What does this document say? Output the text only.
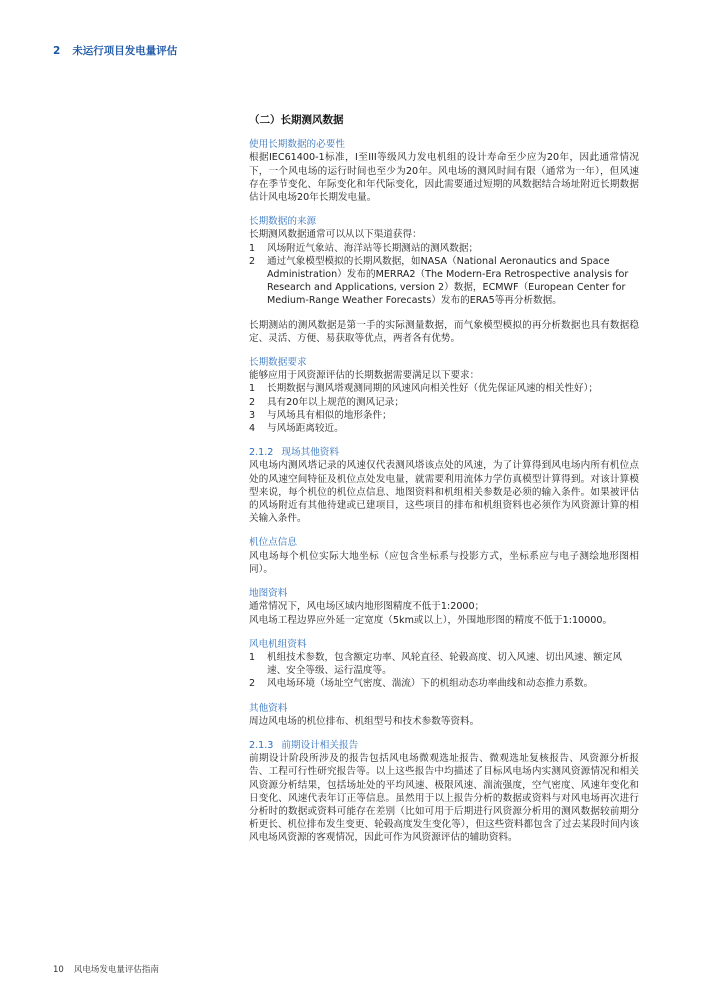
2 未运行项目发电量评估
（二）长期测风数据
使用长期数据的必要性

根据IEC61400-1标准，I至III等级风力发电机组的设计寿命至少应为20年，因此通常情况下，一个风电场的运行时间也至少为20年。风电场的测风时间有限（通常为一年），但风速存在季节变化、年际变化和年代际变化，因此需要通过短期的风数据结合场址附近长期数据估计风电场20年长期发电量。

长期数据的来源

长期测风数据通常可以从以下渠道获得：

1	风场附近气象站、海洋站等长期测站的测风数据；
2	通过气象模型模拟的长期风数据，如NASA（National Aeronautics and Space Administration）发布的MERRA2（The Modern-Era Retrospective analysis for Research and Applications, version 2）数据，ECMWF（European Center for Medium-Range Weather Forecasts）发布的ERA5等再分析数据。

长期测站的测风数据是第一手的实际测量数据，而气象模型模拟的再分析数据也具有数据稳定、灵活、方便、易获取等优点，两者各有优势。

长期数据要求

能够应用于风资源评估的长期数据需要满足以下要求：

1	长期数据与测风塔观测同期的风速风向相关性好（优先保证风速的相关性好）；
2	具有20年以上规范的测风记录；
3	与风场具有相似的地形条件；
4	与风场距离较近。
2.1.2 现场其他资料

风电场内测风塔记录的风速仅代表测风塔该点处的风速，为了计算得到风电场内所有机位点处的风速空间特征及机位点处发电量，就需要利用流体力学仿真模型计算得到。对该计算模型来说，每个机位的机位点信息、地图资料和机组相关参数是必须的输入条件。如果被评估的风场附近有其他待建或已建项目，这些项目的排布和机组资料也必须作为风资源计算的相关输入条件。

机位点信息

风电场每个机位实际大地坐标（应包含坐标系与投影方式，坐标系应与电子测绘地形图相同）。

地图资料

通常情况下，风电场区域内地形图精度不低于1:2000；

风电场工程边界应外延一定宽度（5km或以上），外围地形图的精度不低于1:10000。

风电机组资料
1	机组技术参数，包含额定功率、风轮直径、轮毂高度、切入风速、切出风速、额定风速、安全等级、运行温度等。
2	风电场环境（场址空气密度、湍流）下的机组动态功率曲线和动态推力系数。
其他资料

周边风电场的机位排布、机组型号和技术参数等资料。

2.1.3 前期设计相关报告

前期设计阶段所涉及的报告包括风电场微观选址报告、微观选址复核报告、风资源分析报告、工程可行性研究报告等。以上这些报告中均描述了目标风电场内实测风资源情况和相关风资源分析结果，包括场址处的平均风速、极限风速、湍流强度，空气密度、风速年变化和日变化、风速代表年订正等信息。虽然用于以上报告分析的数据或资料与对风电场再次进行分析时的数据或资料可能存在差别（比如可用于后期进行风资源分析用的测风数据较前期分析更长、机位排布发生变更、轮毂高度发生变化等），但这些资料都包含了过去某段时间内该风电场风资源的客观情况，因此可作为风资源评估的辅助资料。

10 风电场发电量评估指南
